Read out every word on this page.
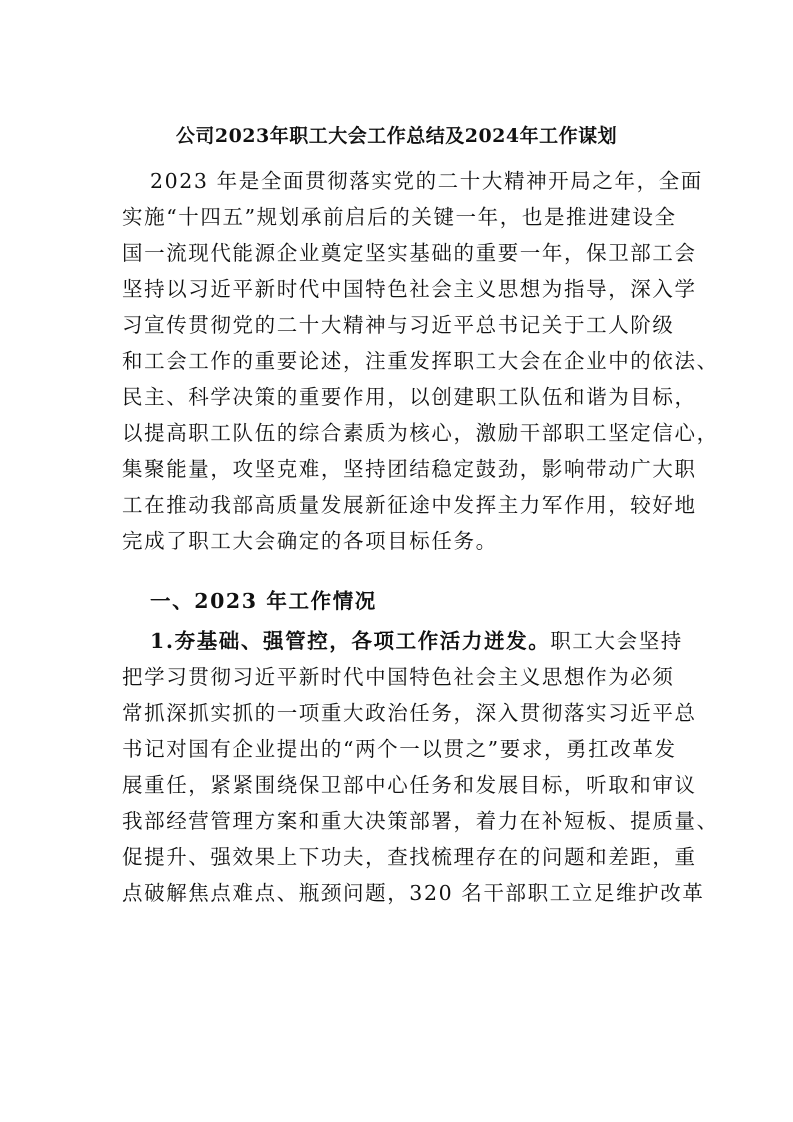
公司2023年职工大会工作总结及2024年工作谋划
2023 年是全面贯彻落实党的二十大精神开局之年，全面
实施“十四五”规划承前启后的关键一年，也是推进建设全
国一流现代能源企业奠定坚实基础的重要一年，保卫部工会
坚持以习近平新时代中国特色社会主义思想为指导，深入学
习宣传贯彻党的二十大精神与习近平总书记关于工人阶级
和工会工作的重要论述，注重发挥职工大会在企业中的依法、
民主、科学决策的重要作用，以创建职工队伍和谐为目标，
以提高职工队伍的综合素质为核心，激励干部职工坚定信心，
集聚能量，攻坚克难，坚持团结稳定鼓劲，影响带动广大职
工在推动我部高质量发展新征途中发挥主力军作用，较好地
完成了职工大会确定的各项目标任务。
一、2023 年工作情况
1.夯基础、强管控，各项工作活力迸发。职工大会坚持
把学习贯彻习近平新时代中国特色社会主义思想作为必须
常抓深抓实抓的一项重大政治任务，深入贯彻落实习近平总
书记对国有企业提出的“两个一以贯之”要求，勇扛改革发
展重任，紧紧围绕保卫部中心任务和发展目标，听取和审议
我部经营管理方案和重大决策部署，着力在补短板、提质量、
促提升、强效果上下功夫，查找梳理存在的问题和差距，重
点破解焦点难点、瓶颈问题，320 名干部职工立足维护改革
